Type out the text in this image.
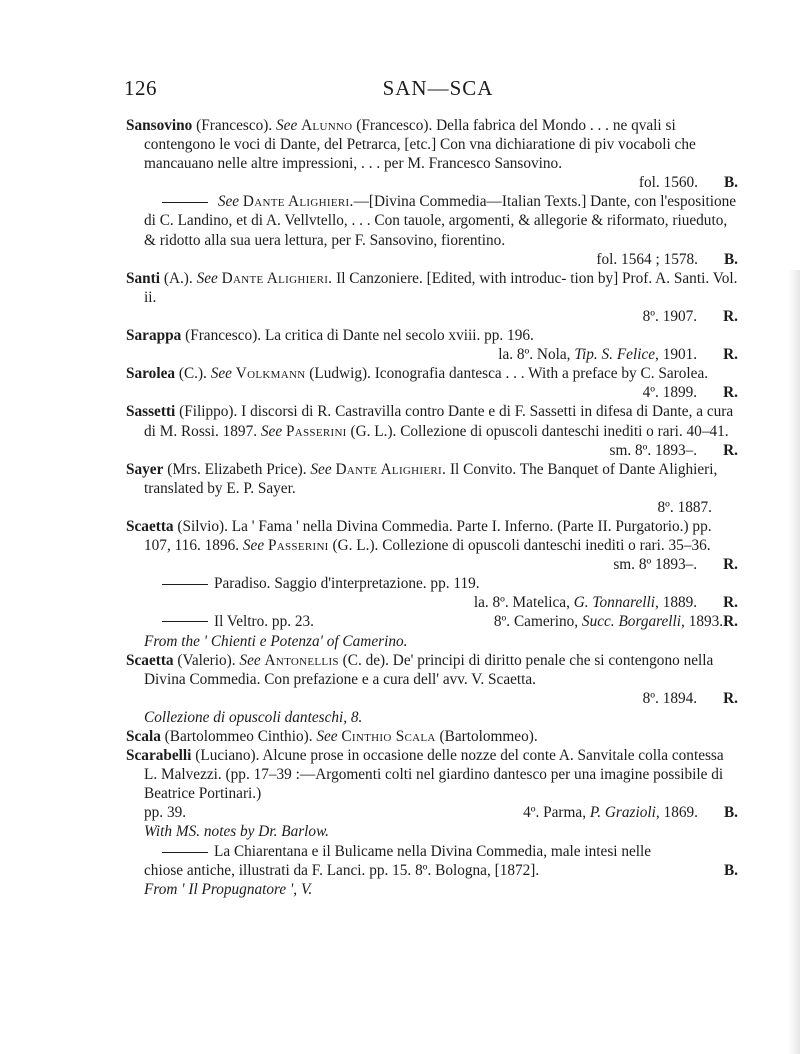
126	SAN—SCA

Sansovino (Francesco). See Alunno (Francesco). Della fabrica del Mondo . . . ne qvali si contengono le voci di Dante, del Petrarca, [etc.] Con vna dichiaratione di piv vocaboli che mancauano nelle altre impressioni, . . . per M. Francesco Sansovino.

fol. 1560. B.

See Dante Alighieri.—[Divina Commedia—Italian Texts.] Dante, con l'espositione di C. Landino, et di A. Vellvtello, . . . Con tauole, argomenti, & allegorie & riformato, riueduto, & ridotto alla sua uera lettura, per F. Sansovino, fiorentino.

fol. 1564 ; 1578. B.

Santi (A.). See Dante Alighieri. Il Canzoniere. [Edited, with introduc- tion by] Prof. A. Santi. Vol. ii.

8º. 1907. R.

Sarappa (Francesco). La critica di Dante nel secolo xviii. pp. 196.

la. 8º. Nola,
Tip. S. Felice,
1901. R.

Sarolea (C.). See Volkmann (Ludwig). Iconografia dantesca . . . With a preface by C. Sarolea.

4º. 1899. R.

Sassetti (Filippo). I discorsi di R. Castravilla contro Dante e di F. Sassetti in difesa di Dante, a cura di M. Rossi. 1897. See Passerini (G. L.). Collezione di opuscoli danteschi inediti o rari. 40–41.

sm. 8º. 1893–. R.

Sayer (Mrs. Elizabeth Price). See Dante Alighieri. Il Convito. The Banquet of Dante Alighieri, translated by E. P. Sayer.

8º. 1887.

Scaetta (Silvio). La ' Fama ' nella Divina Commedia. Parte I. Inferno. (Parte II. Purgatorio.) pp. 107, 116. 1896. See Passerini (G. L.). Collezione di opuscoli danteschi inediti o rari. 35–36.

sm. 8º 1893–. R.

Paradiso. Saggio d'interpretazione. pp. 119.

la. 8º. Matelica,
G. Tonnarelli,
1889. R.
Il Veltro. pp. 23.	8º. Camerino,
Succ. Borgarelli,
1893. R.

From the ' Chienti e Potenza' of Camerino.

Scaetta (Valerio). See Antonellis (C. de). De' principi di diritto penale che si contengono nella Divina Commedia. Con prefazione e a cura dell' avv. V. Scaetta.

8º. 1894. R.

Collezione di opuscoli danteschi, 8.

Scala (Bartolommeo Cinthio). See Cinthio Scala (Bartolommeo).

Scarabelli (Luciano). Alcune prose in occasione delle nozze del conte A. Sanvitale colla contessa L. Malvezzi. (pp. 17–39 :—Argomenti colti nel giardino dantesco per una imagine possibile di Beatrice Portinari.)

pp. 39.	4º. Parma,
P. Grazioli,
1869. B.

With MS. notes by Dr. Barlow.

La Chiarentana e il Bulicame nella Divina Commedia, male intesi nelle

chiose antiche, illustrati da F. Lanci. pp. 15. 8º. Bologna, [1872].	B.

From ' Il Propugnatore ', V.
